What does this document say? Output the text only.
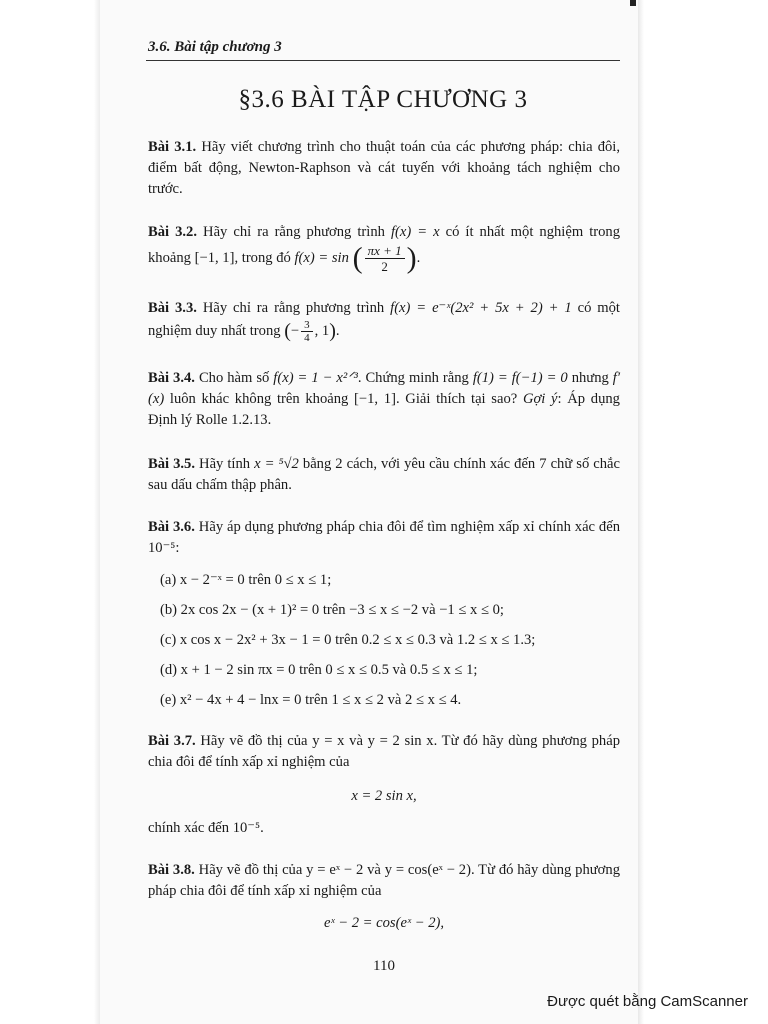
3.6. Bài tập chương 3
§3.6 BÀI TẬP CHƯƠNG 3
Bài 3.1. Hãy viết chương trình cho thuật toán của các phương pháp: chia đôi, điểm bất động, Newton-Raphson và cát tuyến với khoảng tách nghiệm cho trước.
Bài 3.2. Hãy chỉ ra rằng phương trình f(x) = x có ít nhất một nghiệm trong khoảng [−1, 1], trong đó f(x) = sin ( $\frac{\pi x + 1}{2}$ ).
Bài 3.3. Hãy chỉ ra rằng phương trình f(x) = e⁻ˣ(2x² + 5x + 2) + 1 có một nghiệm duy nhất trong (− $\frac{3}{4}$ , 1).
Bài 3.4. Cho hàm số f(x) = 1 − x²ᐟ³. Chứng minh rằng f(1) = f(−1) = 0 nhưng f′(x) luôn khác không trên khoảng [−1, 1]. Giải thích tại sao? Gợi ý: Áp dụng Định lý Rolle 1.2.13.
Bài 3.5. Hãy tính x = ⁵√2 bằng 2 cách, với yêu cầu chính xác đến 7 chữ số chắc sau dấu chấm thập phân.
Bài 3.6. Hãy áp dụng phương pháp chia đôi để tìm nghiệm xấp xỉ chính xác đến 10⁻⁵:
(a) x − 2⁻ˣ = 0 trên 0 ≤ x ≤ 1;
(b) 2x cos 2x − (x + 1)² = 0 trên −3 ≤ x ≤ −2 và −1 ≤ x ≤ 0;
(c) x cos x − 2x² + 3x − 1 = 0 trên 0.2 ≤ x ≤ 0.3 và 1.2 ≤ x ≤ 1.3;
(d) x + 1 − 2 sin πx = 0 trên 0 ≤ x ≤ 0.5 và 0.5 ≤ x ≤ 1;
(e) x² − 4x + 4 − lnx = 0 trên 1 ≤ x ≤ 2 và 2 ≤ x ≤ 4.
Bài 3.7. Hãy vẽ đồ thị của y = x và y = 2 sin x. Từ đó hãy dùng phương pháp chia đôi để tính xấp xỉ nghiệm của
x = 2 sin x,
chính xác đến 10⁻⁵.
Bài 3.8. Hãy vẽ đồ thị của y = eˣ − 2 và y = cos(eˣ − 2). Từ đó hãy dùng phương pháp chia đôi để tính xấp xỉ nghiệm của
eˣ − 2 = cos(eˣ − 2),
110
Được quét bằng CamScanner
